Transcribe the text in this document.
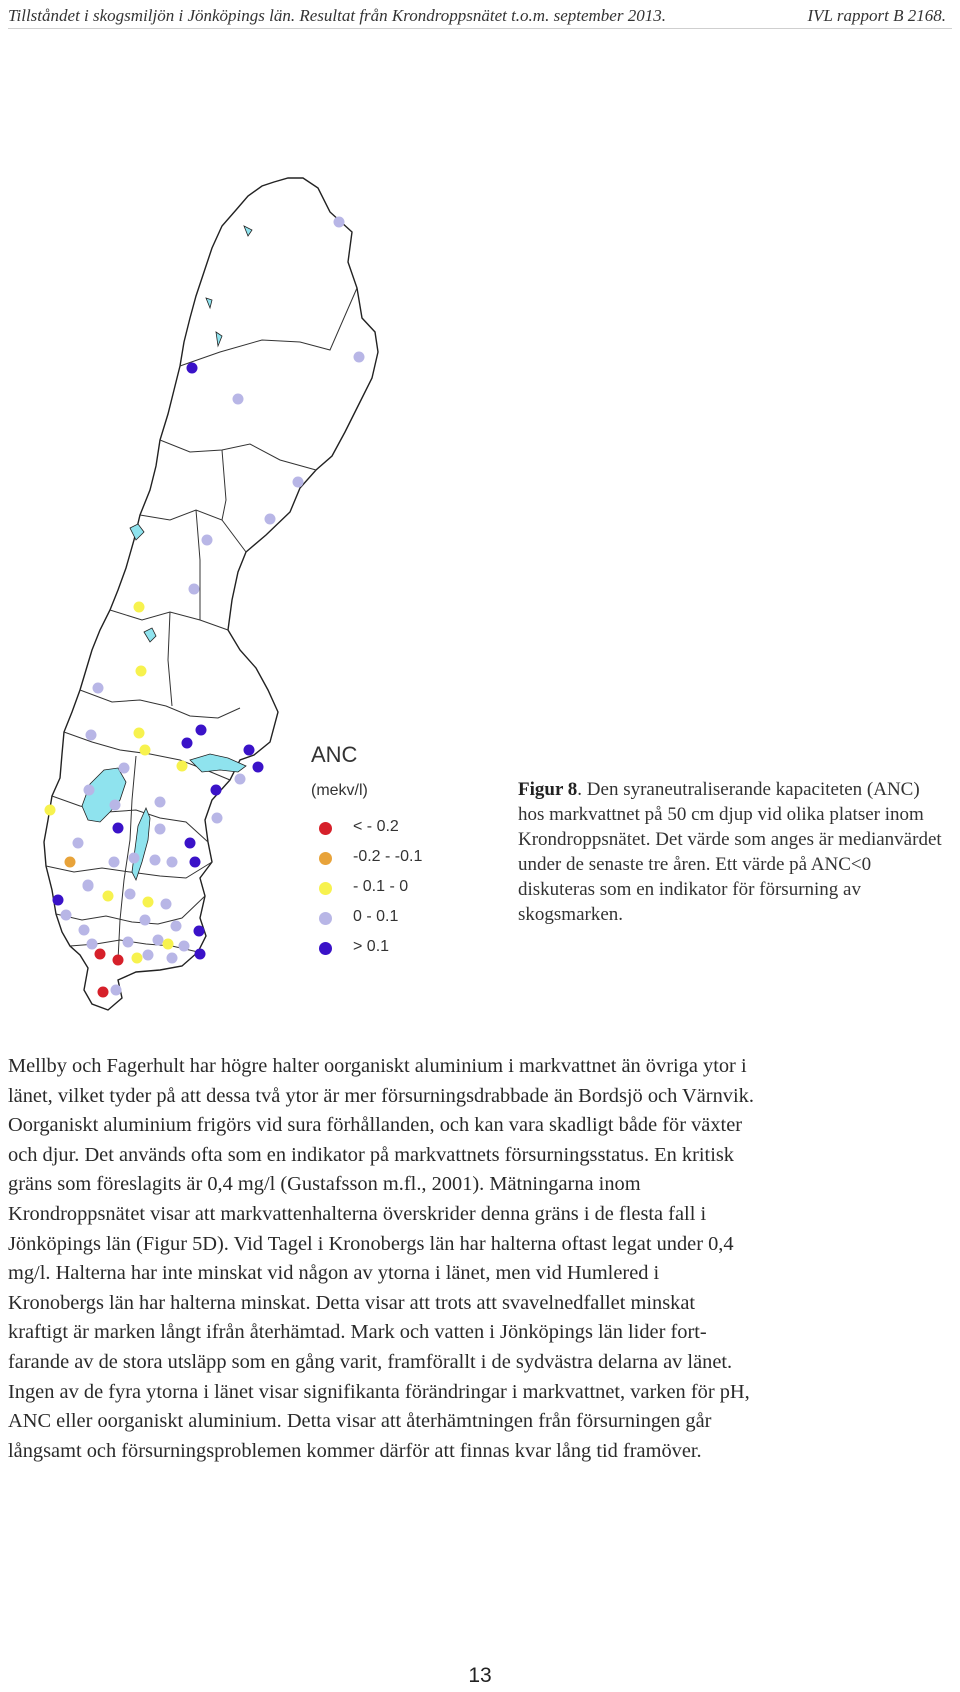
Tillståndet i skogsmiljön i Jönköpings län. Resultat från Krondroppsnätet t.o.m. september 2013.	IVL rapport B 2168.
ANC
(mekv/l)
< - 0.2
-0.2 - -0.1
- 0.1 - 0
0 - 0.1
> 0.1
Figur 8. Den syraneutraliserande kapaciteten (ANC) hos markvattnet på 50 cm djup vid olika platser inom Krondroppsnätet. Det värde som anges är medianvärdet under de senaste tre åren. Ett värde på ANC<0 diskuteras som en indikator för försurning av skogsmarken.
Mellby och Fagerhult har högre halter oorganiskt aluminium i markvattnet än övriga ytor i
länet, vilket tyder på att dessa två ytor är mer försurningsdrabbade än Bordsjö och Värnvik.
Oorganiskt aluminium frigörs vid sura förhållanden, och kan vara skadligt både för växter
och djur. Det används ofta som en indikator på markvattnets försurningsstatus. En kritisk
gräns som föreslagits är 0,4 mg/l (Gustafsson m.fl., 2001). Mätningarna inom
Krondroppsnätet visar att markvattenhalterna överskrider denna gräns i de flesta fall i
Jönköpings län (Figur 5D). Vid Tagel i Kronobergs län har halterna oftast legat under 0,4
mg/l. Halterna har inte minskat vid någon av ytorna i länet, men vid Humlered i
Kronobergs län har halterna minskat. Detta visar att trots att svavelnedfallet minskat
kraftigt är marken långt ifrån återhämtad. Mark och vatten i Jönköpings län lider fort-
farande av de stora utsläpp som en gång varit, framförallt i de sydvästra delarna av länet.
Ingen av de fyra ytorna i länet visar signifikanta förändringar i markvattnet, varken för pH,
ANC eller oorganiskt aluminium. Detta visar att återhämtningen från försurningen går
långsamt och försurningsproblemen kommer därför att finnas kvar lång tid framöver.
13
